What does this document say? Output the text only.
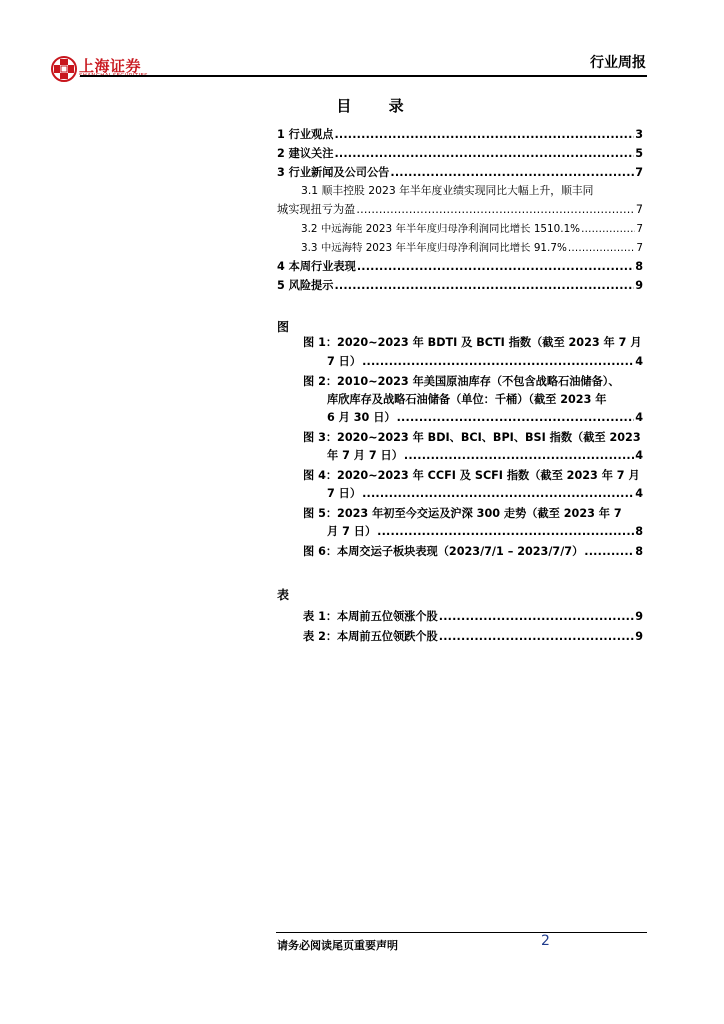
上海证券	行业周报
目 录
1 行业观点 .....	3
2 建议关注 .....	5
3 行业新闻及公司公告 .....	7
3.1 顺丰控股 2023 年半年度业绩实现同比大幅上升，顺丰同
城实现扭亏为盈 .....	7
3.2 中远海能 2023 年半年度归母净利润同比增长 1510.1% .....	7
3.3 中远海特 2023 年半年度归母净利润同比增长 91.7% .....	7
4 本周行业表现 .....	8
5 风险提示 .....	9
图
图 1：2020~2023 年 BDTI 及 BCTI 指数（截至 2023 年 7 月
7 日） .....	4
图 2：2010~2023 年美国原油库存（不包含战略石油储备）、
库欣库存及战略石油储备（单位：千桶）（截至 2023 年
6 月 30 日） .....	4
图 3：2020~2023 年 BDI、BCI、BPI、BSI 指数（截至 2023
年 7 月 7 日） .....	4
图 4：2020~2023 年 CCFI 及 SCFI 指数（截至 2023 年 7 月
7 日） .....	4
图 5：2023 年初至今交运及沪深 300 走势（截至 2023 年 7
月 7 日） .....	8
图 6：本周交运子板块表现（2023/7/1 – 2023/7/7） .....	8
表
表 1：本周前五位领涨个股 .....	9
表 2：本周前五位领跌个股 .....	9
请务必阅读尾页重要声明	2
